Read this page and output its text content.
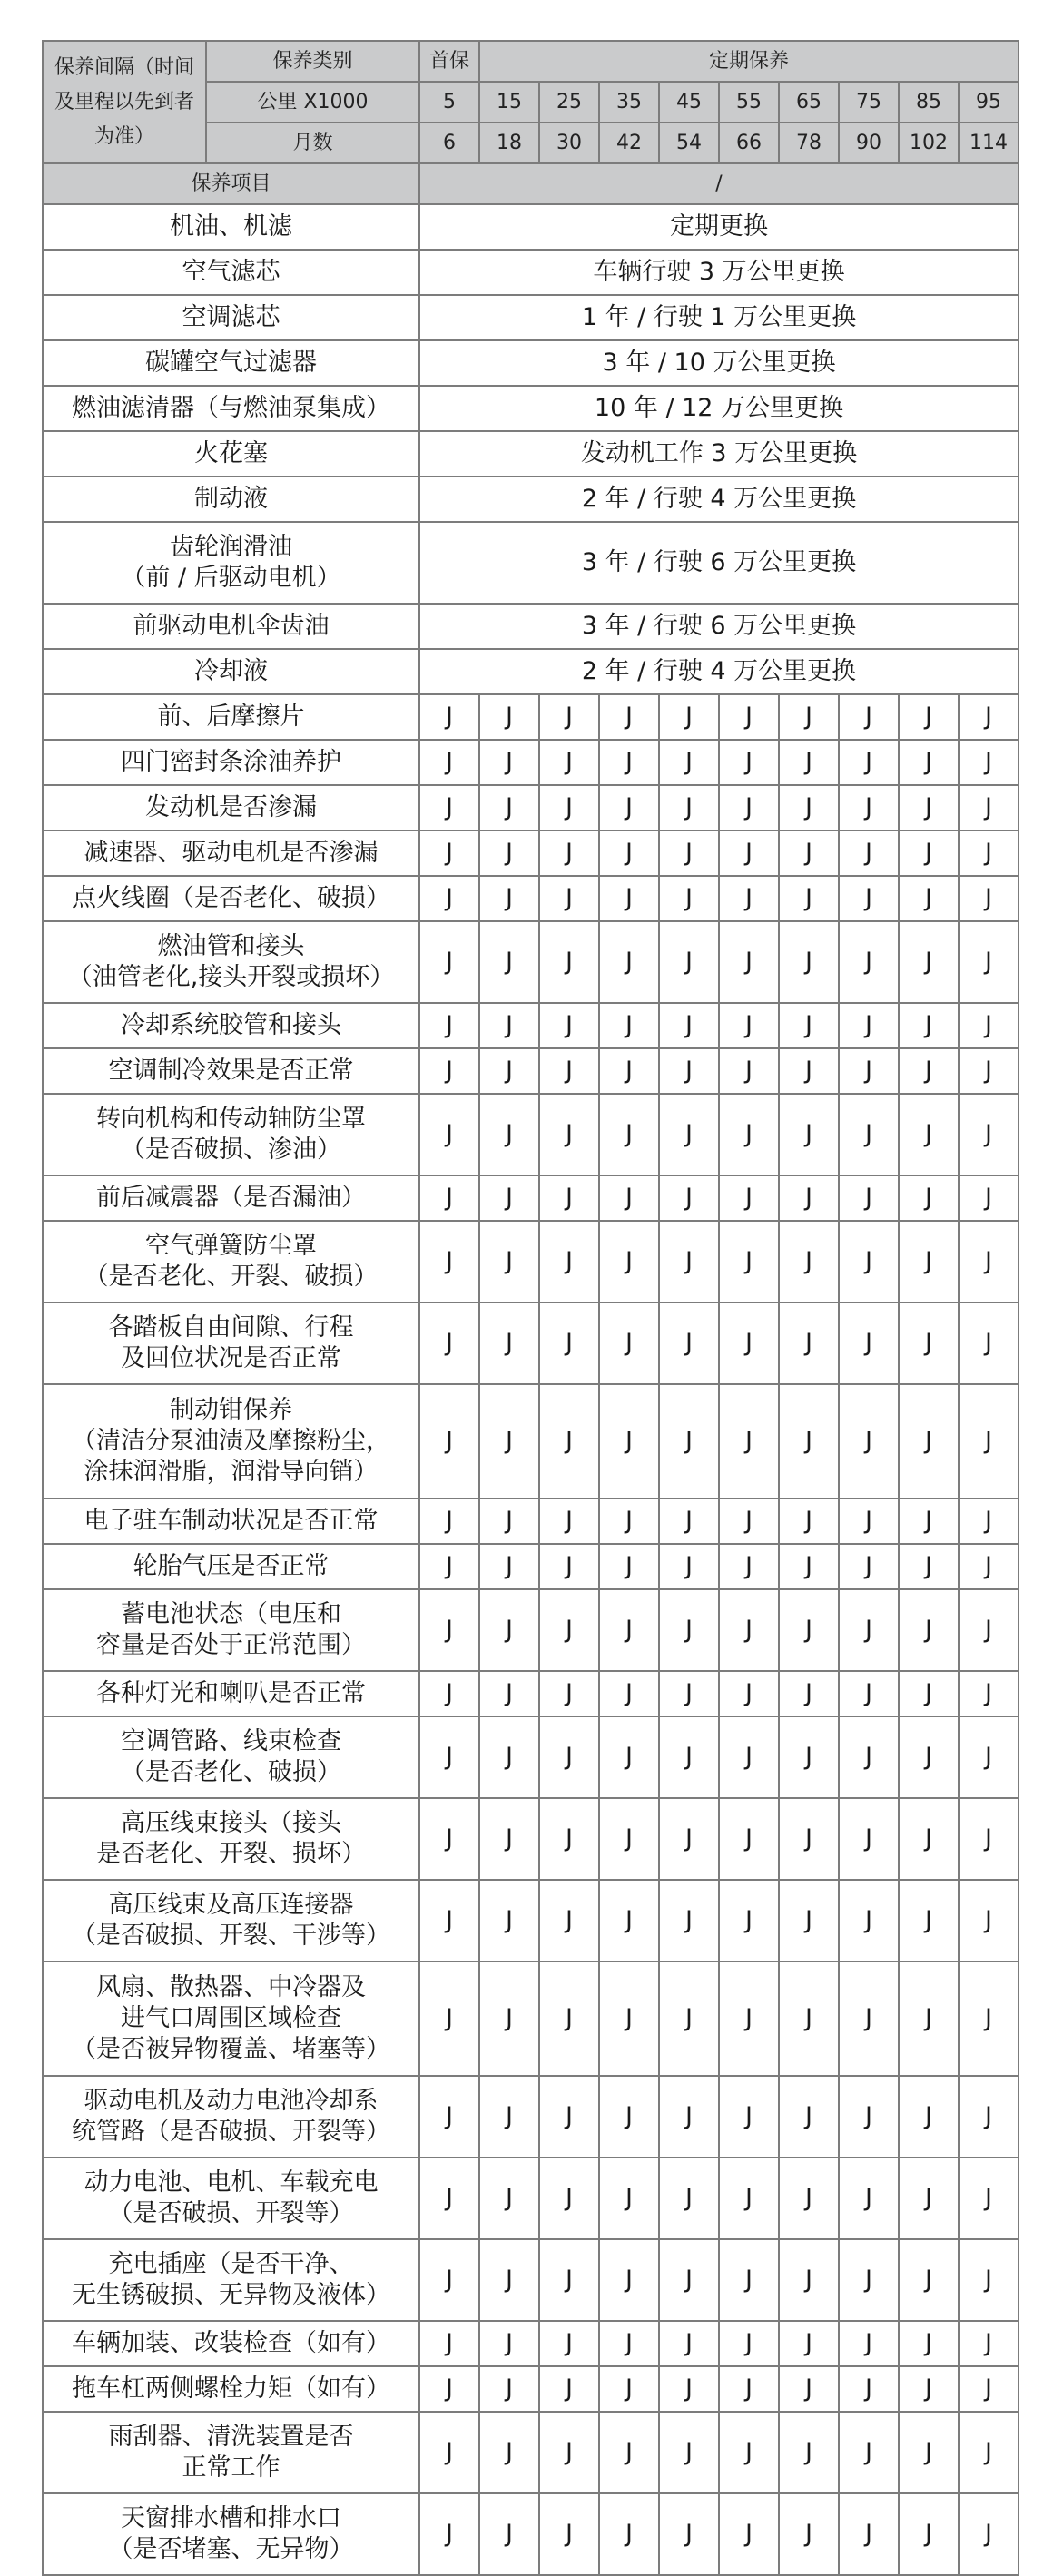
保养间隔（时间及里程以先到者为准）	保养类别	首保	定期保养								
	公里 X1000	5	15	25	35	45	55	65	75	85	95
	月数	6	18	30	42	54	66	78	90	102	114
保养项目		/									
机油、机滤		定期更换									
空气滤芯		车辆行驶 3 万公里更换									
空调滤芯		1 年 / 行驶 1 万公里更换									
碳罐空气过滤器		3 年 / 10 万公里更换									
燃油滤清器（与燃油泵集成）		10 年 / 12 万公里更换									
火花塞		发动机工作 3 万公里更换									
制动液		2 年 / 行驶 4 万公里更换									
齿轮润滑油
（前 / 后驱动电机）		3 年 / 行驶 6 万公里更换									
前驱动电机伞齿油		3 年 / 行驶 6 万公里更换									
冷却液		2 年 / 行驶 4 万公里更换									
前、后摩擦片		J	J	J	J	J	J	J	J	J	J
四门密封条涂油养护		J	J	J	J	J	J	J	J	J	J
发动机是否渗漏		J	J	J	J	J	J	J	J	J	J
减速器、驱动电机是否渗漏		J	J	J	J	J	J	J	J	J	J
点火线圈（是否老化、破损）		J	J	J	J	J	J	J	J	J	J
燃油管和接头
（油管老化,接头开裂或损坏）		J	J	J	J	J	J	J	J	J	J
冷却系统胶管和接头		J	J	J	J	J	J	J	J	J	J
空调制冷效果是否正常		J	J	J	J	J	J	J	J	J	J
转向机构和传动轴防尘罩
（是否破损、渗油）		J	J	J	J	J	J	J	J	J	J
前后减震器（是否漏油）		J	J	J	J	J	J	J	J	J	J
空气弹簧防尘罩
（是否老化、开裂、破损）		J	J	J	J	J	J	J	J	J	J
各踏板自由间隙、行程
及回位状况是否正常		J	J	J	J	J	J	J	J	J	J
制动钳保养
（清洁分泵油渍及摩擦粉尘，
涂抹润滑脂，润滑导向销）		J	J	J	J	J	J	J	J	J	J
电子驻车制动状况是否正常		J	J	J	J	J	J	J	J	J	J
轮胎气压是否正常		J	J	J	J	J	J	J	J	J	J
蓄电池状态（电压和
容量是否处于正常范围）		J	J	J	J	J	J	J	J	J	J
各种灯光和喇叭是否正常		J	J	J	J	J	J	J	J	J	J
空调管路、线束检查
（是否老化、破损）		J	J	J	J	J	J	J	J	J	J
高压线束接头（接头
是否老化、开裂、损坏）		J	J	J	J	J	J	J	J	J	J
高压线束及高压连接器
（是否破损、开裂、干涉等）		J	J	J	J	J	J	J	J	J	J
风扇、散热器、中冷器及
进气口周围区域检查
（是否被异物覆盖、堵塞等）		J	J	J	J	J	J	J	J	J	J
驱动电机及动力电池冷却系
统管路（是否破损、开裂等）		J	J	J	J	J	J	J	J	J	J
动力电池、电机、车载充电
（是否破损、开裂等）		J	J	J	J	J	J	J	J	J	J
充电插座（是否干净、
无生锈破损、无异物及液体）		J	J	J	J	J	J	J	J	J	J
车辆加装、改装检查（如有）		J	J	J	J	J	J	J	J	J	J
拖车杠两侧螺栓力矩（如有）		J	J	J	J	J	J	J	J	J	J
雨刮器、清洗装置是否
正常工作		J	J	J	J	J	J	J	J	J	J
天窗排水槽和排水口
（是否堵塞、无异物）		J	J	J	J	J	J	J	J	J	J
